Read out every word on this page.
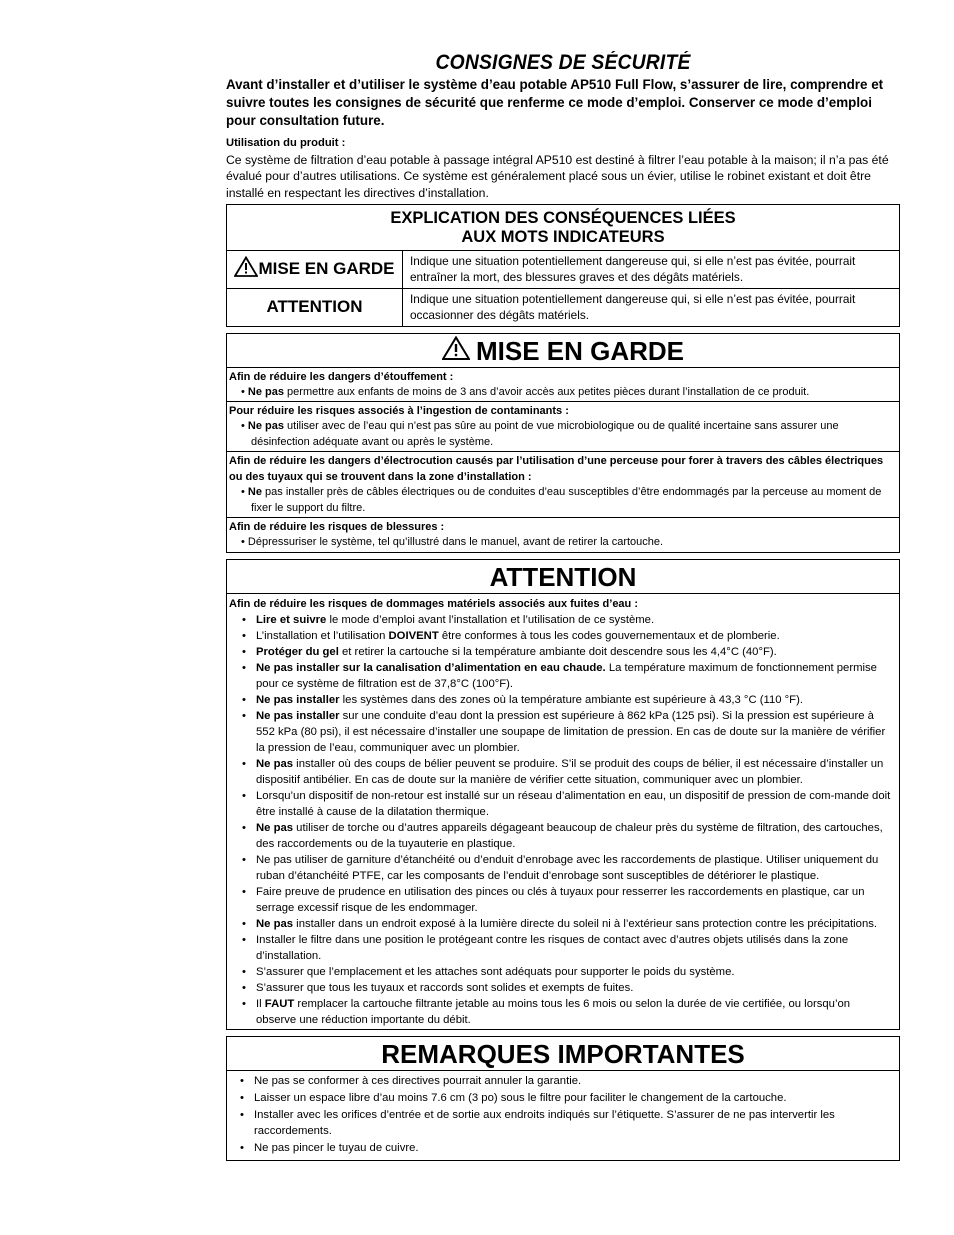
CONSIGNES DE SÉCURITÉ

Avant d’installer et d’utiliser le système d’eau potable AP510 Full Flow, s’assurer de lire, comprendre et suivre toutes les consignes de sécurité que renferme ce mode d’emploi. Conserver ce mode d’emploi pour consultation future.

Utilisation du produit :

Ce système de filtration d’eau potable à passage intégral AP510 est destiné à filtrer l’eau potable à la maison; il n’a pas été évalué pour d’autres utilisations. Ce système est généralement placé sous un évier, utilise le robinet existant et doit être installé en respectant les directives d’installation.

EXPLICATION DES CONSÉQUENCES LIÉES
AUX MOTS INDICATEURS
MISE EN GARDE	Indique une situation potentiellement dangereuse qui, si elle n’est pas évitée, pourrait entraîner la mort, des blessures graves et des dégâts matériels.
ATTENTION	Indique une situation potentiellement dangereuse qui, si elle n’est pas évitée, pourrait occasionner des dégâts matériels.
MISE EN GARDE
Afin de réduire les dangers d’étouffement :
• Ne pas permettre aux enfants de moins de 3 ans d’avoir accès aux petites pièces durant l’installation de ce produit.
Pour réduire les risques associés à l’ingestion de contaminants :
• Ne pas utiliser avec de l’eau qui n’est pas sûre au point de vue microbiologique ou de qualité incertaine sans assurer une désinfection adéquate avant ou après le système.
Afin de réduire les dangers d’électrocution causés par l’utilisation d’une perceuse pour forer à travers des câbles électriques ou des tuyaux qui se trouvent dans la zone d’installation :
• Ne pas installer près de câbles électriques ou de conduites d’eau susceptibles d’être endommagés par la perceuse au moment de fixer le support du filtre.
Afin de réduire les risques de blessures :
• Dépressuriser le système, tel qu’illustré dans le manuel, avant de retirer la cartouche.
ATTENTION
Afin de réduire les risques de dommages matériels associés aux fuites d’eau :
• Lire et suivre le mode d’emploi avant l’installation et l’utilisation de ce système.
• L’installation et l’utilisation DOIVENT être conformes à tous les codes gouvernementaux et de plomberie.
• Protéger du gel et retirer la cartouche si la température ambiante doit descendre sous les 4,4°C (40°F).
• Ne pas installer sur la canalisation d’alimentation en eau chaude. La température maximum de fonctionnement permise pour ce système de filtration est de 37,8°C (100°F).
• Ne pas installer les systèmes dans des zones où la température ambiante est supérieure à 43,3 °C (110 °F).
• Ne pas installer sur une conduite d’eau dont la pression est supérieure à 862 kPa (125 psi). Si la pression est supérieure à 552 kPa (80 psi), il est nécessaire d’installer une soupape de limitation de pression. En cas de doute sur la manière de vérifier la pression de l’eau, communiquer avec un plombier.
• Ne pas installer où des coups de bélier peuvent se produire. S’il se produit des coups de bélier, il est nécessaire d’installer un dispositif antibélier. En cas de doute sur la manière de vérifier cette situation, communiquer avec un plombier.
• Lorsqu’un dispositif de non-retour est installé sur un réseau d’alimentation en eau, un dispositif de pression de com-mande doit être installé à cause de la dilatation thermique.
• Ne pas utiliser de torche ou d’autres appareils dégageant beaucoup de chaleur près du système de filtration, des cartouches, des raccordements ou de la tuyauterie en plastique.
• Ne pas utiliser de garniture d’étanchéité ou d’enduit d’enrobage avec les raccordements de plastique. Utiliser uniquement du ruban d’étanchéité PTFE, car les composants de l’enduit d’enrobage sont susceptibles de détériorer le plastique.
• Faire preuve de prudence en utilisation des pinces ou clés à tuyaux pour resserrer les raccordements en plastique, car un serrage excessif risque de les endommager.
• Ne pas installer dans un endroit exposé à la lumière directe du soleil ni à l’extérieur sans protection contre les précipitations.
• Installer le filtre dans une position le protégeant contre les risques de contact avec d’autres objets utilisés dans la zone d’installation.
• S’assurer que l’emplacement et les attaches sont adéquats pour supporter le poids du système.
• S’assurer que tous les tuyaux et raccords sont solides et exempts de fuites.
• Il FAUT remplacer la cartouche filtrante jetable au moins tous les 6 mois ou selon la durée de vie certifiée, ou lorsqu’on observe une réduction importante du débit.
REMARQUES IMPORTANTES
• Ne pas se conformer à ces directives pourrait annuler la garantie.
• Laisser un espace libre d’au moins 7.6 cm (3 po) sous le filtre pour faciliter le changement de la cartouche.
• Installer avec les orifices d’entrée et de sortie aux endroits indiqués sur l’étiquette. S’assurer de ne pas intervertir les raccordements.
• Ne pas pincer le tuyau de cuivre.
